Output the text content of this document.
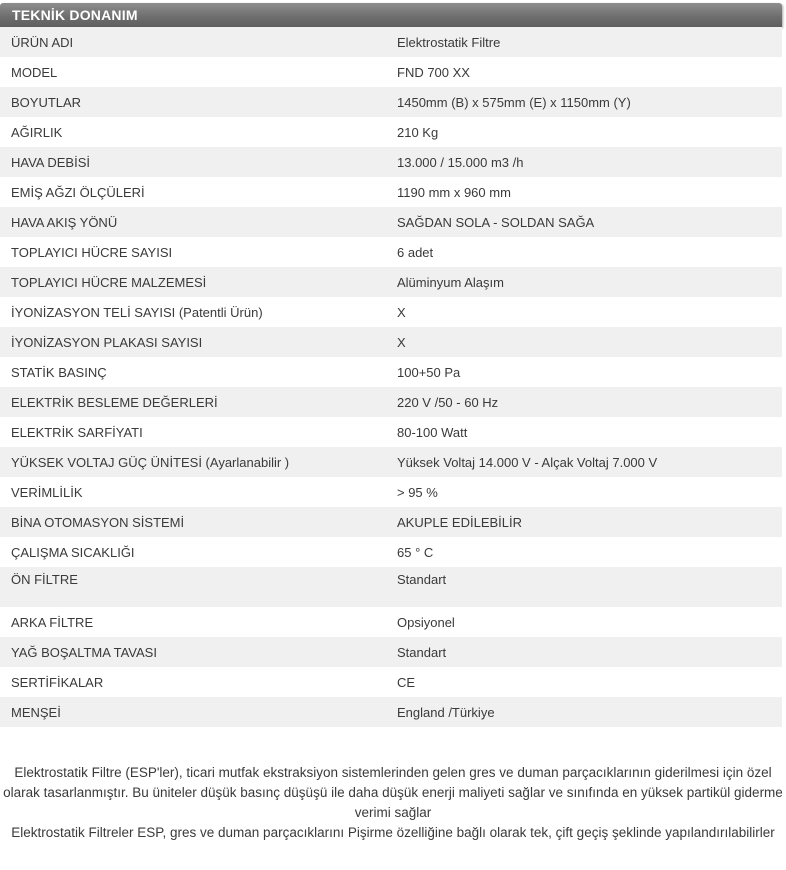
TEKNİK DONANIM
ÜRÜN ADI	Elektrostatik Filtre
MODEL	FND 700 XX
BOYUTLAR	1450mm (B) x 575mm (E) x 1150mm (Y)
AĞIRLIK	210 Kg
HAVA DEBİSİ	13.000 / 15.000 m3 /h
EMİŞ AĞZI ÖLÇÜLERİ	1190 mm x 960 mm
HAVA AKIŞ YÖNÜ	SAĞDAN SOLA - SOLDAN SAĞA
TOPLAYICI HÜCRE SAYISI	6 adet
TOPLAYICI HÜCRE MALZEMESİ	Alüminyum Alaşım
İYONİZASYON TELİ SAYISI (Patentli Ürün)	X
İYONİZASYON PLAKASI SAYISI	X
STATİK BASINÇ	100+50 Pa
ELEKTRİK BESLEME DEĞERLERİ	220 V /50 - 60 Hz
ELEKTRİK SARFİYATI	80-100 Watt
YÜKSEK VOLTAJ GÜÇ ÜNİTESİ (Ayarlanabilir )	Yüksek Voltaj 14.000 V - Alçak Voltaj 7.000 V
VERİMLİLİK	> 95 %
BİNA OTOMASYON SİSTEMİ	AKUPLE EDİLEBİLİR
ÇALIŞMA SICAKLIĞI	65 ° C
ÖN FİLTRE	Standart
ARKA FİLTRE	Opsiyonel
YAĞ BOŞALTMA TAVASI	Standart
SERTİFİKALAR	CE
MENŞEİ	England /Türkiye

Elektrostatik Filtre (ESP'ler), ticari mutfak ekstraksiyon sistemlerinden gelen gres ve duman parçacıklarının giderilmesi için özel olarak tasarlanmıştır. Bu üniteler düşük basınç düşüşü ile daha düşük enerji maliyeti sağlar ve sınıfında en yüksek partikül giderme verimi sağlar

Elektrostatik Filtreler ESP, gres ve duman parçacıklarını Pişirme özelliğine bağlı olarak tek, çift geçiş şeklinde yapılandırılabilirler
